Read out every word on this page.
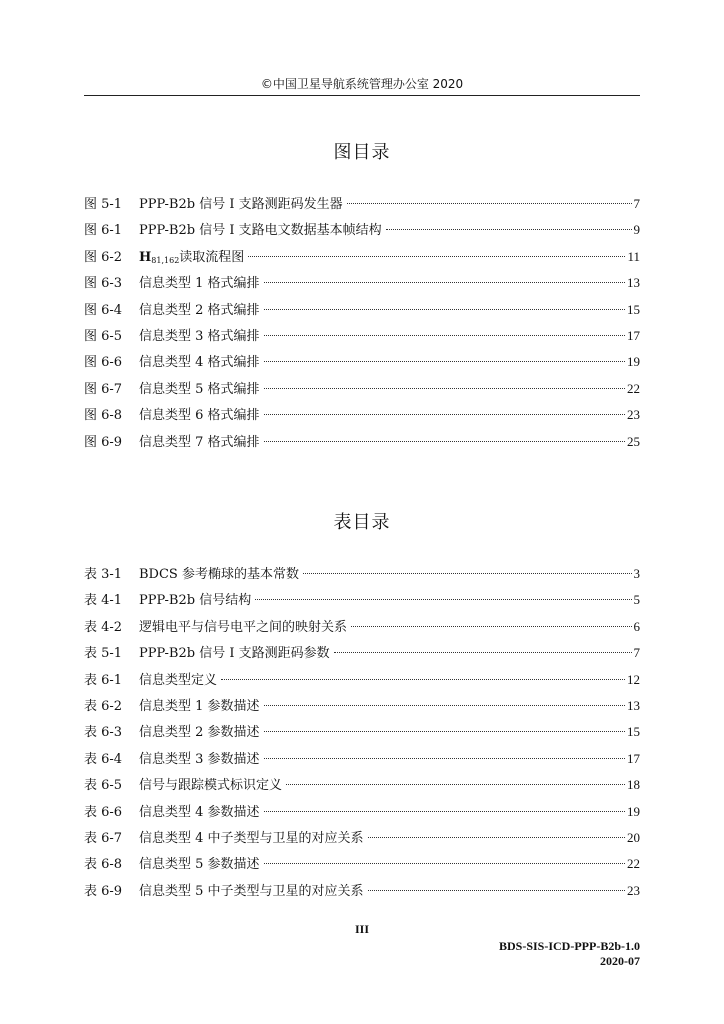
©中国卫星导航系统管理办公室 2020
图目录
图 5-1	PPP-B2b 信号 I 支路测距码发生器	7
图 6-1	PPP-B2b 信号 I 支路电文数据基本帧结构	9
图 6-2	$H_{81,162}$读取流程图	11
图 6-3	信息类型 1 格式编排	13
图 6-4	信息类型 2 格式编排	15
图 6-5	信息类型 3 格式编排	17
图 6-6	信息类型 4 格式编排	19
图 6-7	信息类型 5 格式编排	22
图 6-8	信息类型 6 格式编排	23
图 6-9	信息类型 7 格式编排	25
表目录
表 3-1	BDCS 参考椭球的基本常数	3
表 4-1	PPP-B2b 信号结构	5
表 4-2	逻辑电平与信号电平之间的映射关系	6
表 5-1	PPP-B2b 信号 I 支路测距码参数	7
表 6-1	信息类型定义	12
表 6-2	信息类型 1 参数描述	13
表 6-3	信息类型 2 参数描述	15
表 6-4	信息类型 3 参数描述	17
表 6-5	信号与跟踪模式标识定义	18
表 6-6	信息类型 4 参数描述	19
表 6-7	信息类型 4 中子类型与卫星的对应关系	20
表 6-8	信息类型 5 参数描述	22
表 6-9	信息类型 5 中子类型与卫星的对应关系	23
III
BDS-SIS-ICD-PPP-B2b-1.0
2020-07
